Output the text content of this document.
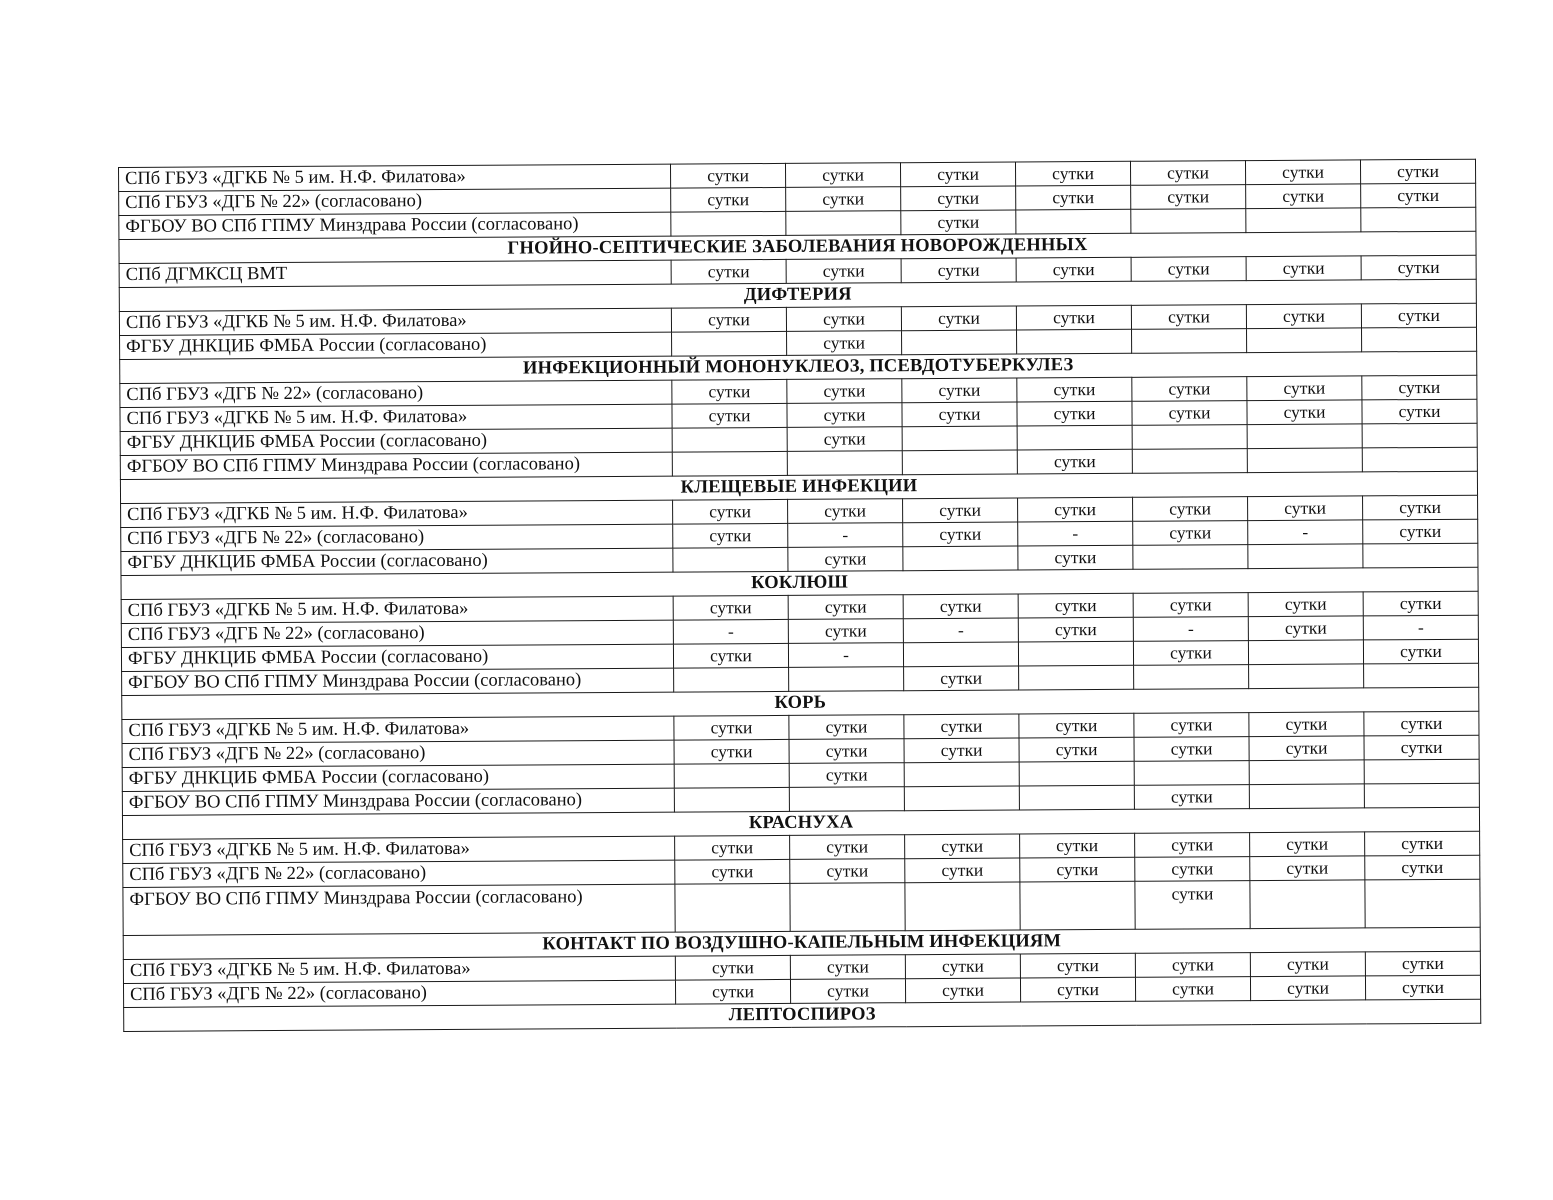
СПб ГБУЗ «ДГКБ № 5 им. Н.Ф. Филатова»	сутки	сутки	сутки	сутки	сутки	сутки	сутки
СПб ГБУЗ «ДГБ № 22» (согласовано)	сутки	сутки	сутки	сутки	сутки	сутки	сутки
ФГБОУ ВО СПб ГПМУ Минздрава России (согласовано)			сутки				
ГНОЙНО-СЕПТИЧЕСКИЕ ЗАБОЛЕВАНИЯ НОВОРОЖДЕННЫХ							
СПб ДГМКСЦ ВМТ	сутки	сутки	сутки	сутки	сутки	сутки	сутки
ДИФТЕРИЯ							
СПб ГБУЗ «ДГКБ № 5 им. Н.Ф. Филатова»	сутки	сутки	сутки	сутки	сутки	сутки	сутки
ФГБУ ДНКЦИБ ФМБА России (согласовано)		сутки					
ИНФЕКЦИОННЫЙ МОНОНУКЛЕОЗ, ПСЕВДОТУБЕРКУЛЕЗ							
СПб ГБУЗ «ДГБ № 22» (согласовано)	сутки	сутки	сутки	сутки	сутки	сутки	сутки
СПб ГБУЗ «ДГКБ № 5 им. Н.Ф. Филатова»	сутки	сутки	сутки	сутки	сутки	сутки	сутки
ФГБУ ДНКЦИБ ФМБА России (согласовано)		сутки					
ФГБОУ ВО СПб ГПМУ Минздрава России (согласовано)				сутки			
КЛЕЩЕВЫЕ ИНФЕКЦИИ							
СПб ГБУЗ «ДГКБ № 5 им. Н.Ф. Филатова»	сутки	сутки	сутки	сутки	сутки	сутки	сутки
СПб ГБУЗ «ДГБ № 22» (согласовано)	сутки	-	сутки	-	сутки	-	сутки
ФГБУ ДНКЦИБ ФМБА России (согласовано)		сутки		сутки			
КОКЛЮШ							
СПб ГБУЗ «ДГКБ № 5 им. Н.Ф. Филатова»	сутки	сутки	сутки	сутки	сутки	сутки	сутки
СПб ГБУЗ «ДГБ № 22» (согласовано)	-	сутки	-	сутки	-	сутки	-
ФГБУ ДНКЦИБ ФМБА России (согласовано)	сутки	-			сутки		сутки
ФГБОУ ВО СПб ГПМУ Минздрава России (согласовано)			сутки				
КОРЬ							
СПб ГБУЗ «ДГКБ № 5 им. Н.Ф. Филатова»	сутки	сутки	сутки	сутки	сутки	сутки	сутки
СПб ГБУЗ «ДГБ № 22» (согласовано)	сутки	сутки	сутки	сутки	сутки	сутки	сутки
ФГБУ ДНКЦИБ ФМБА России (согласовано)		сутки					
ФГБОУ ВО СПб ГПМУ Минздрава России (согласовано)					сутки		
КРАСНУХА							
СПб ГБУЗ «ДГКБ № 5 им. Н.Ф. Филатова»	сутки	сутки	сутки	сутки	сутки	сутки	сутки
СПб ГБУЗ «ДГБ № 22» (согласовано)	сутки	сутки	сутки	сутки	сутки	сутки	сутки
ФГБОУ ВО СПб ГПМУ Минздрава России (согласовано)					сутки		
КОНТАКТ ПО ВОЗДУШНО-КАПЕЛЬНЫМ ИНФЕКЦИЯМ							
СПб ГБУЗ «ДГКБ № 5 им. Н.Ф. Филатова»	сутки	сутки	сутки	сутки	сутки	сутки	сутки
СПб ГБУЗ «ДГБ № 22» (согласовано)	сутки	сутки	сутки	сутки	сутки	сутки	сутки
ЛЕПТОСПИРОЗ							
